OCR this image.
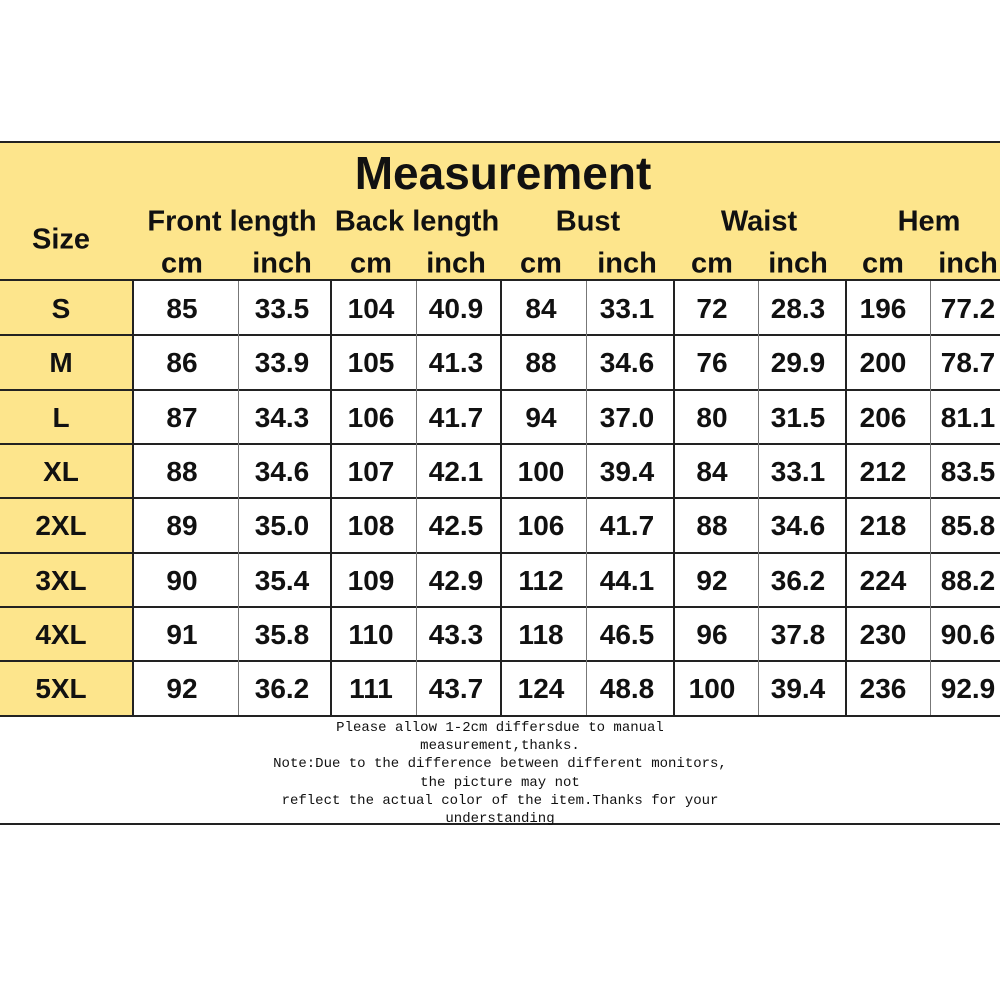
Measurement
Size
Front length
cm inch
Back length
cm inch
Bust
cm inch
Waist
cm inch
Hem
cm inch
S
M
L
XL
2XL
3XL
4XL
5XL
85 33.5 104 40.9 84 33.1 72 28.3 196 77.2
86 33.9 105 41.3 88 34.6 76 29.9 200 78.7
87 34.3 106 41.7 94 37.0 80 31.5 206 81.1
88 34.6 107 42.1 100 39.4 84 33.1 212 83.5
89 35.0 108 42.5 106 41.7 88 34.6 218 85.8
90 35.4 109 42.9 112 44.1 92 36.2 224 88.2
91 35.8 110 43.3 118 46.5 96 37.8 230 90.6
92 36.2 111 43.7 124 48.8 100 39.4 236 92.9
Please allow 1-2cm differsdue to manual
measurement,thanks.
Note:Due to the difference between different monitors,
the picture may not
reflect the actual color of the item.Thanks for your
understanding
